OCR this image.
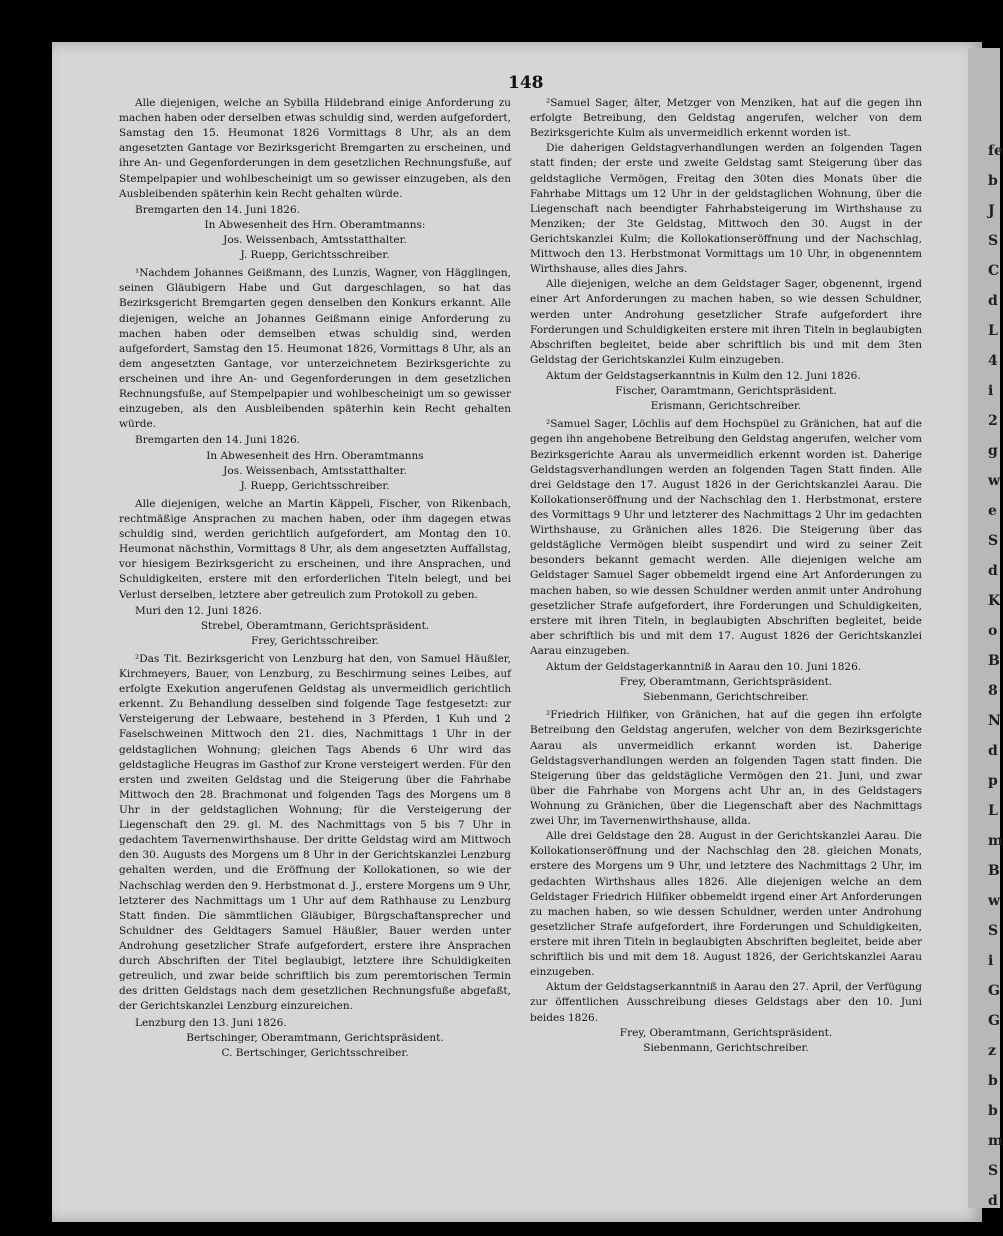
fe
b
J
S
C
d
L
4
i
2
g
w
e
S
d
K
o
B
8
N
d
p
L
m
B
w
S
i
G
G
z
b
b
m
S
d
148

Alle diejenigen, welche an Sybilla Hildebrand einige Anforderung zu machen haben oder derselben etwas schuldig sind, werden aufgefordert, Samstag den 15. Heumonat 1826 Vormittags 8 Uhr, als an dem angesetzten Gantage vor Bezirksgericht Bremgarten zu erscheinen, und ihre An- und Gegenforderungen in dem gesetzlichen Rechnungsfuße, auf Stempelpapier und wohlbescheinigt um so gewisser einzugeben, als den Ausbleibenden späterhin kein Recht gehalten würde.

Bremgarten den 14. Juni 1826.

In Abwesenheit des Hrn. Oberamtmanns:

Jos. Weissenbach, Amtsstatthalter.

J. Ruepp, Gerichtsschreiber.

¹Nachdem Johannes Geißmann, des Lunzis, Wagner, von Hägglingen, seinen Gläubigern Habe und Gut dargeschlagen, so hat das Bezirksgericht Bremgarten gegen denselben den Konkurs erkannt. Alle diejenigen, welche an Johannes Geißmann einige Anforderung zu machen haben oder demselben etwas schuldig sind, werden aufgefordert, Samstag den 15. Heumonat 1826, Vormittags 8 Uhr, als an dem angesetzten Gantage, vor unterzeichnetem Bezirksgerichte zu erscheinen und ihre An- und Gegenforderungen in dem gesetzlichen Rechnungsfuße, auf Stempelpapier und wohlbescheinigt um so gewisser einzugeben, als den Ausbleibenden späterhin kein Recht gehalten würde.

Bremgarten den 14. Juni 1826.

In Abwesenheit des Hrn. Oberamtmanns

Jos. Weissenbach, Amtsstatthalter.

J. Ruepp, Gerichtsschreiber.

Alle diejenigen, welche an Martin Käppeli, Fischer, von Rikenbach, rechtmäßige Ansprachen zu machen haben, oder ihm dagegen etwas schuldig sind, werden gerichtlich aufgefordert, am Montag den 10. Heumonat nächsthin, Vormittags 8 Uhr, als dem angesetzten Auffallstag, vor hiesigem Bezirksgericht zu erscheinen, und ihre Ansprachen, und Schuldigkeiten, erstere mit den erforderlichen Titeln belegt, und bei Verlust derselben, letztere aber getreulich zum Protokoll zu geben.

Muri den 12. Juni 1826.

Strebel, Oberamtmann, Gerichtspräsident.

Frey, Gerichtsschreiber.

²Das Tit. Bezirksgericht von Lenzburg hat den, von Samuel Häußler, Kirchmeyers, Bauer, von Lenzburg, zu Beschirmung seines Leibes, auf erfolgte Exekution angerufenen Geldstag als unvermeidlich gerichtlich erkennt. Zu Behandlung desselben sind folgende Tage festgesetzt: zur Versteigerung der Lebwaare, bestehend in 3 Pferden, 1 Kuh und 2 Faselschweinen Mittwoch den 21. dies, Nachmittags 1 Uhr in der geldstaglichen Wohnung; gleichen Tags Abends 6 Uhr wird das geldstagliche Heugras im Gasthof zur Krone versteigert werden. Für den ersten und zweiten Geldstag und die Steigerung über die Fahrhabe Mittwoch den 28. Brachmonat und folgenden Tags des Morgens um 8 Uhr in der geldstaglichen Wohnung; für die Versteigerung der Liegenschaft den 29. gl. M. des Nachmittags von 5 bis 7 Uhr in gedachtem Tavernenwirthshause. Der dritte Geldstag wird am Mittwoch den 30. Augusts des Morgens um 8 Uhr in der Gerichtskanzlei Lenzburg gehalten werden, und die Eröffnung der Kollokationen, so wie der Nachschlag werden den 9. Herbstmonat d. J., erstere Morgens um 9 Uhr, letzterer des Nachmittags um 1 Uhr auf dem Rathhause zu Lenzburg Statt finden. Die sämmtlichen Gläubiger, Bürgschaftansprecher und Schuldner des Geldtagers Samuel Häußler, Bauer werden unter Androhung gesetzlicher Strafe aufgefordert, erstere ihre Ansprachen durch Abschriften der Titel beglaubigt, letztere ihre Schuldigkeiten getreulich, und zwar beide schriftlich bis zum peremtorischen Termin des dritten Geldstags nach dem gesetzlichen Rechnungsfuße abgefaßt, der Gerichtskanzlei Lenzburg einzureichen.

Lenzburg den 13. Juni 1826.

Bertschinger, Oberamtmann, Gerichtspräsident.

C. Bertschinger, Gerichtsschreiber.

²Samuel Sager, älter, Metzger von Menziken, hat auf die gegen ihn erfolgte Betreibung, den Geldstag angerufen, welcher von dem Bezirksgerichte Kulm als unvermeidlich erkennt worden ist.

Die daherigen Geldstagverhandlungen werden an folgenden Tagen statt finden; der erste und zweite Geldstag samt Steigerung über das geldstagliche Vermögen, Freitag den 30ten dies Monats über die Fahrhabe Mittags um 12 Uhr in der geldstaglichen Wohnung, über die Liegenschaft nach beendigter Fahrhabsteigerung im Wirthshause zu Menziken; der 3te Geldstag, Mittwoch den 30. Augst in der Gerichtskanzlei Kulm; die Kollokationseröffnung und der Nachschlag, Mittwoch den 13. Herbstmonat Vormittags um 10 Uhr, in obgenenntem Wirthshause, alles dies Jahrs.

Alle diejenigen, welche an dem Geldstager Sager, obgenennt, irgend einer Art Anforderungen zu machen haben, so wie dessen Schuldner, werden unter Androhung gesetzlicher Strafe aufgefordert ihre Forderungen und Schuldigkeiten erstere mit ihren Titeln in beglaubigten Abschriften begleitet, beide aber schriftlich bis und mit dem 3ten Geldstag der Gerichtskanzlei Kulm einzugeben.

Aktum der Geldstagserkanntnis in Kulm den 12. Juni 1826.

Fischer, Oaramtmann, Gerichtspräsident.

Erismann, Gerichtschreiber.

²Samuel Sager, Löchlis auf dem Hochspüel zu Gränichen, hat auf die gegen ihn angehobene Betreibung den Geldstag angerufen, welcher vom Bezirksgerichte Aarau als unvermeidlich erkennt worden ist. Daherige Geldstagsverhandlungen werden an folgenden Tagen Statt finden. Alle drei Geldstage den 17. August 1826 in der Gerichtskanzlei Aarau. Die Kollokationseröffnung und der Nachschlag den 1. Herbstmonat, erstere des Vormittags 9 Uhr und letzterer des Nachmittags 2 Uhr im gedachten Wirthshause, zu Gränichen alles 1826. Die Steigerung über das geldstägliche Vermögen bleibt suspendirt und wird zu seiner Zeit besonders bekannt gemacht werden. Alle diejenigen welche am Geldstager Samuel Sager obbemeldt irgend eine Art Anforderungen zu machen haben, so wie dessen Schuldner werden anmit unter Androhung gesetzlicher Strafe aufgefordert, ihre Forderungen und Schuldigkeiten, erstere mit ihren Titeln, in beglaubigten Abschriften begleitet, beide aber schriftlich bis und mit dem 17. August 1826 der Gerichtskanzlei Aarau einzugeben.

Aktum der Geldstagerkanntniß in Aarau den 10. Juni 1826.

Frey, Oberamtmann, Gerichtspräsident.

Siebenmann, Gerichtschreiber.

²Friedrich Hilfiker, von Gränichen, hat auf die gegen ihn erfolgte Betreibung den Geldstag angerufen, welcher von dem Bezirksgerichte Aarau als unvermeidlich erkannt worden ist. Daherige Geldstagsverhandlungen werden an folgenden Tagen statt finden. Die Steigerung über das geldstägliche Vermögen den 21. Juni, und zwar über die Fahrhabe von Morgens acht Uhr an, in des Geldstagers Wohnung zu Gränichen, über die Liegenschaft aber des Nachmittags zwei Uhr, im Tavernenwirthshause, allda.

Alle drei Geldstage den 28. August in der Gerichtskanzlei Aarau. Die Kollokationseröffnung und der Nachschlag den 28. gleichen Monats, erstere des Morgens um 9 Uhr, und letztere des Nachmittags 2 Uhr, im gedachten Wirthshaus alles 1826. Alle diejenigen welche an dem Geldstager Friedrich Hilfiker obbemeldt irgend einer Art Anforderungen zu machen haben, so wie dessen Schuldner, werden unter Androhung gesetzlicher Strafe aufgefordert, ihre Forderungen und Schuldigkeiten, erstere mit ihren Titeln in beglaubigten Abschriften begleitet, beide aber schriftlich bis und mit dem 18. August 1826, der Gerichtskanzlei Aarau einzugeben.

Aktum der Geldstagserkanntniß in Aarau den 27. April, der Verfügung zur öffentlichen Ausschreibung dieses Geldstags aber den 10. Juni beides 1826.

Frey, Oberamtmann, Gerichtspräsident.

Siebenmann, Gerichtschreiber.
